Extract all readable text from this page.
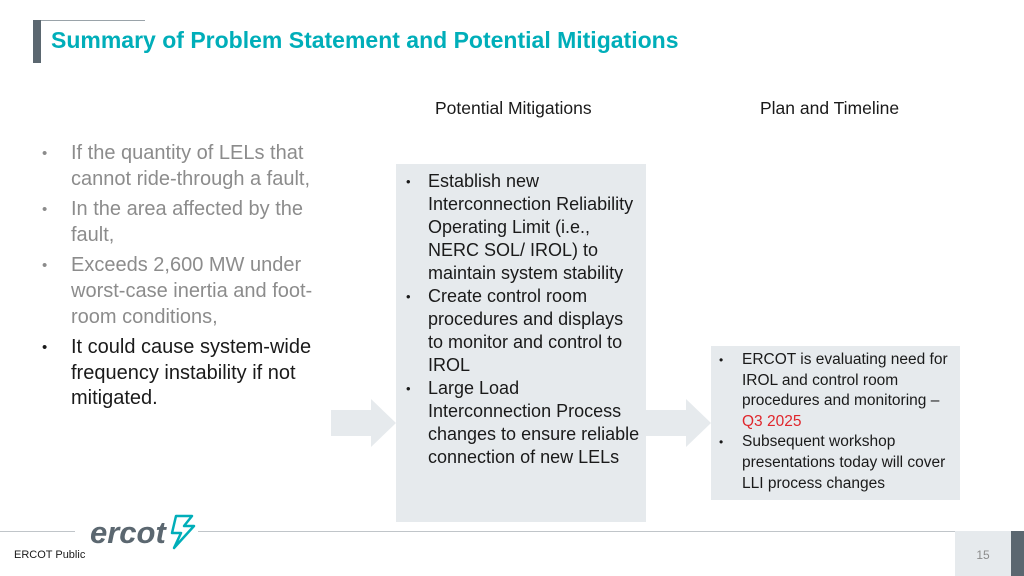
Summary of Problem Statement and Potential Mitigations
Potential Mitigations	Plan and Timeline
• If the quantity of LELs that cannot ride-through a fault,
• In the area affected by the fault,
• Exceeds 2,600 MW under worst-case inertia and foot-room conditions,
• It could cause system-wide frequency instability if not mitigated.
• Establish new Interconnection Reliability Operating Limit (i.e., NERC SOL/ IROL) to maintain system stability
• Create control room procedures and displays to monitor and control to IROL
• Large Load Interconnection Process changes to ensure reliable connection of new LELs
• ERCOT is evaluating need for IROL and control room procedures and monitoring – Q3 2025
• Subsequent workshop presentations today will cover LLI process changes
ercot
ERCOT Public	15
